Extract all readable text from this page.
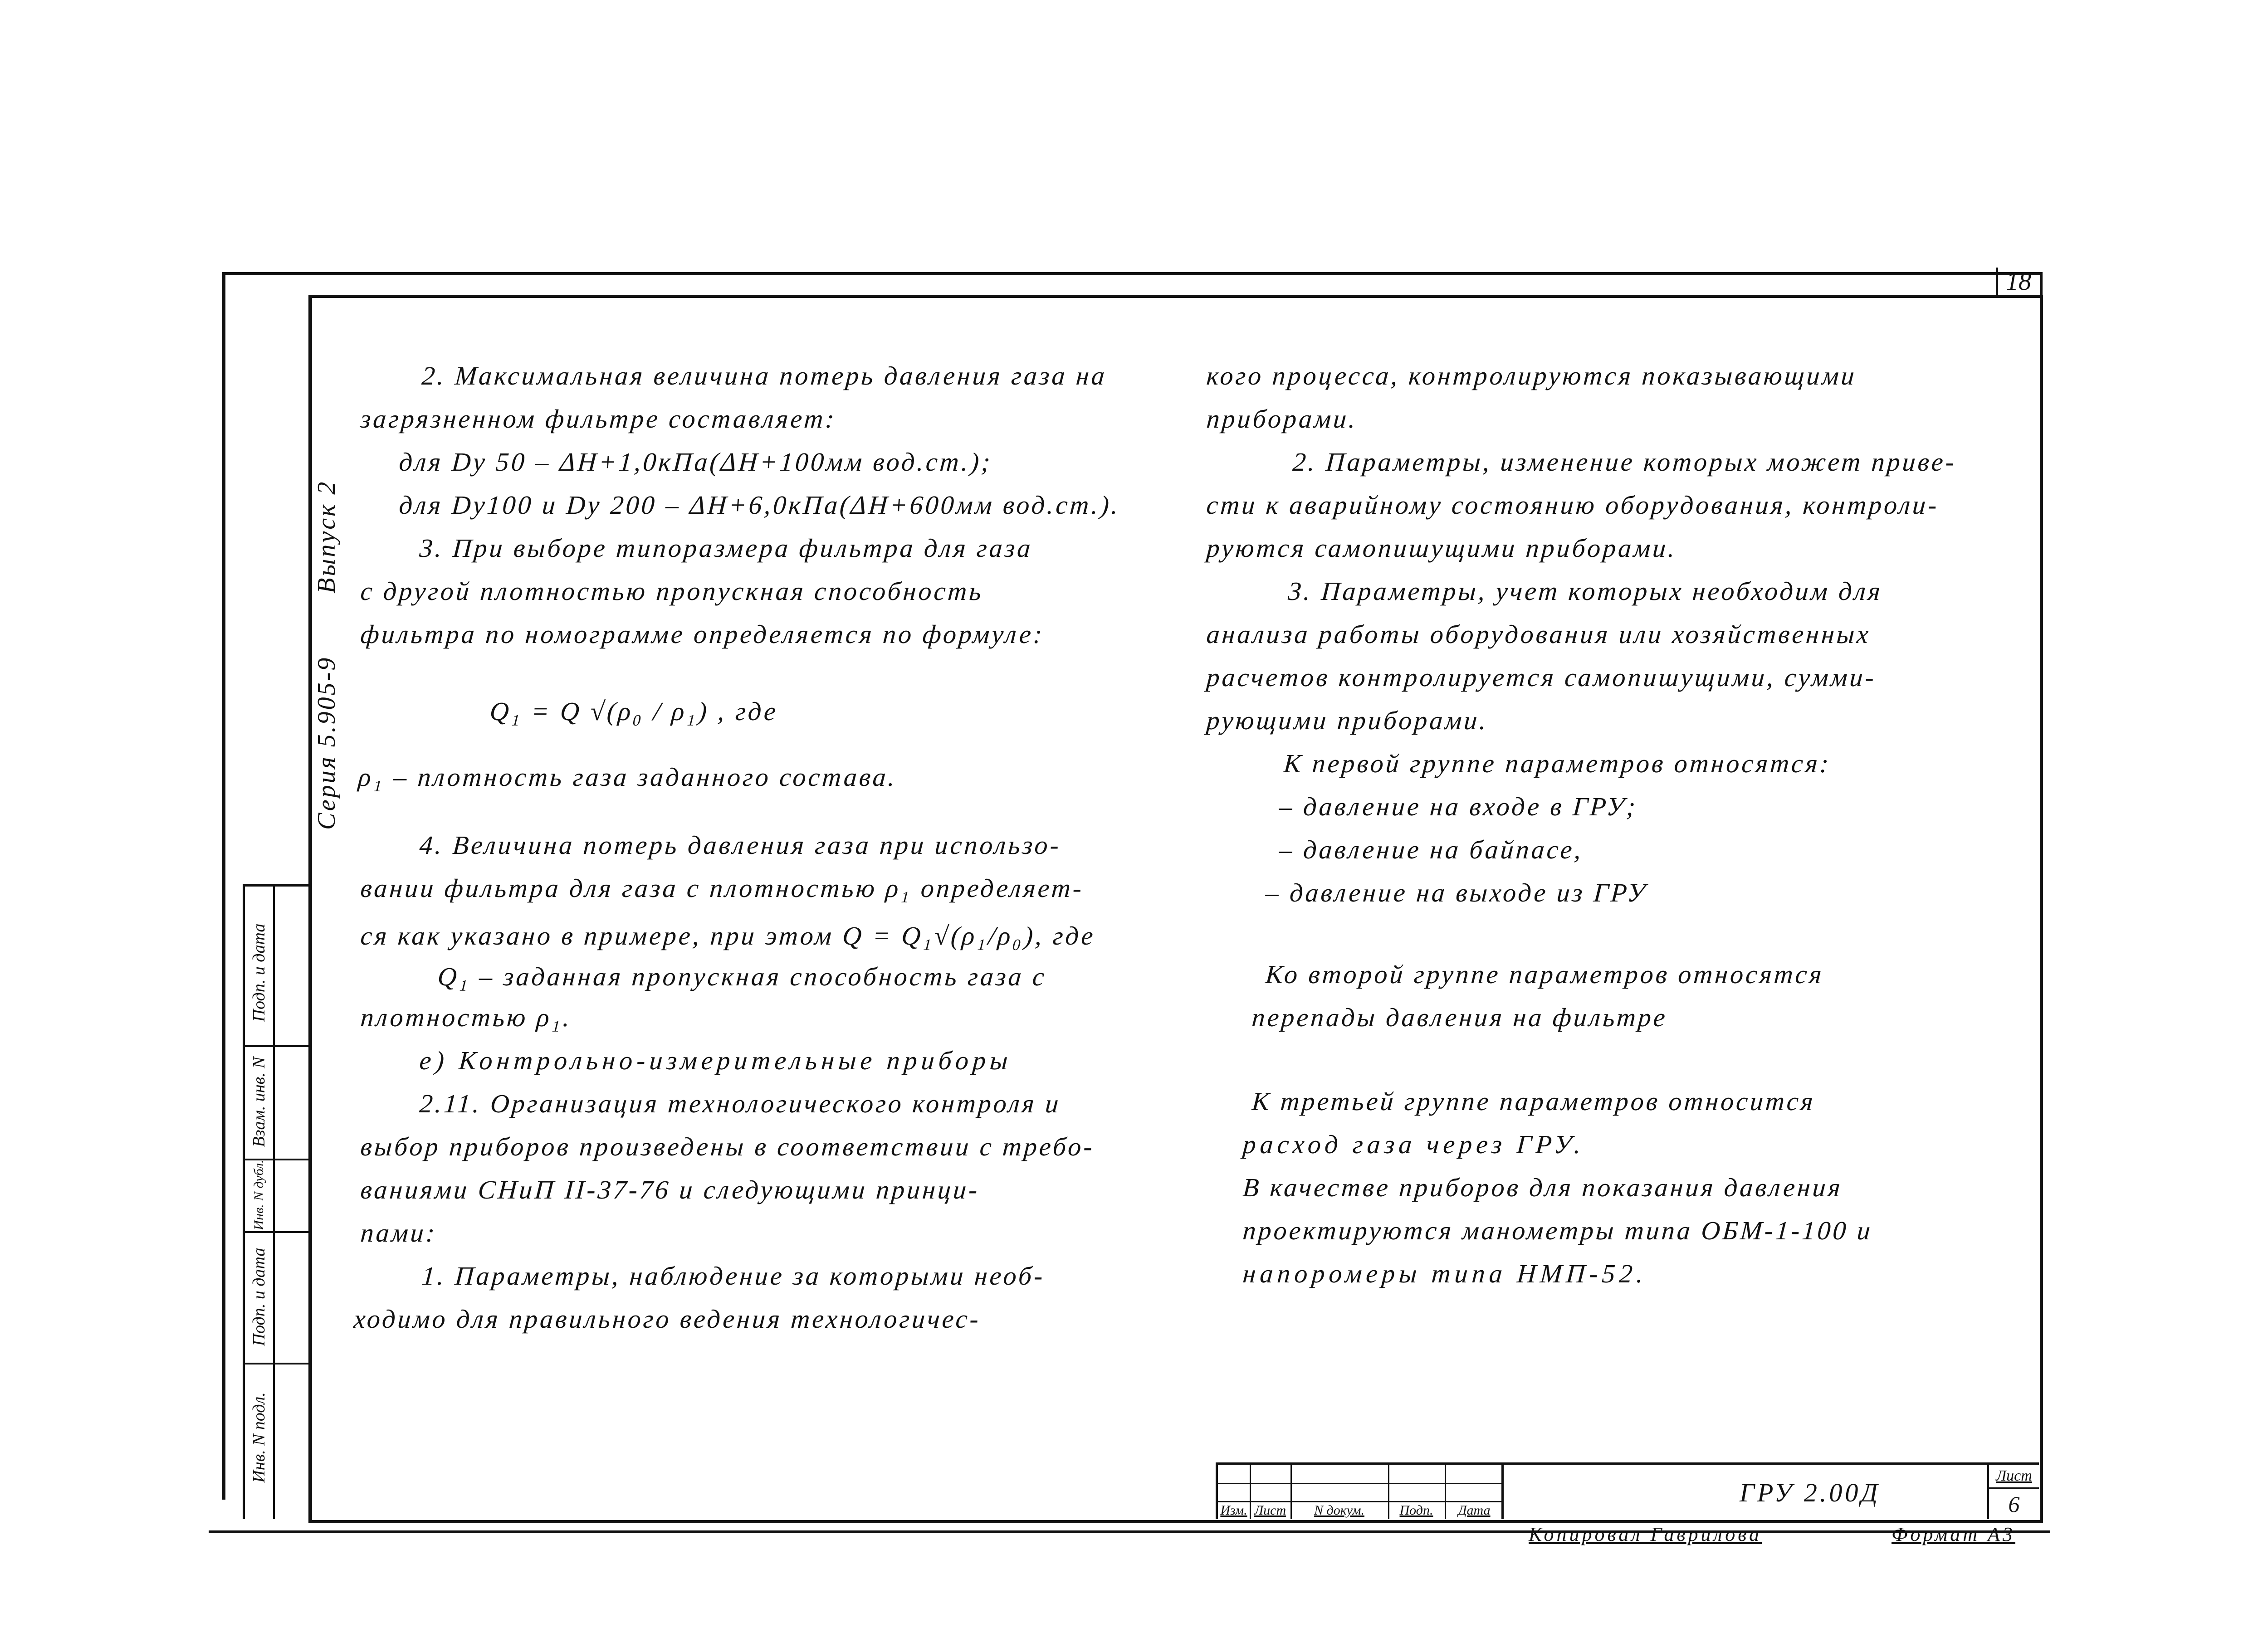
18
Серия 5.905-9 Выпуск 2
Подп. и дата
Взам. инв. N
Инв. N дубл.
Подп. и дата
Инв. N подл.
2. Максимальная величина потерь давления газа на
загрязненном фильтре составляет:
для Dу 50 – ΔH+1,0кПа(ΔH+100мм вод.ст.);
для Dу100 и Dу 200 – ΔH+6,0кПа(ΔH+600мм вод.ст.).
3. При выборе типоразмера фильтра для газа
с другой плотностью пропускная способность
фильтра по номограмме определяется по формуле:
Q₁ = Q √(ρ₀ / ρ₁) , где
ρ₁ – плотность газа заданного состава.
4. Величина потерь давления газа при использо-
вании фильтра для газа с плотностью ρ₁ определяет-
ся как указано в примере, при этом Q = Q₁√(ρ₁/ρ₀), где
Q₁ – заданная пропускная способность газа с
плотностью ρ₁.
е) Контрольно-измерительные приборы
2.11. Организация технологического контроля и
выбор приборов произведены в соответствии с требо-
ваниями СНиП II-37-76 и следующими принци-
пами:
1. Параметры, наблюдение за которыми необ-
ходимо для правильного ведения технологичес-
кого процесса, контролируются показывающими
приборами.
2. Параметры, изменение которых может приве-
сти к аварийному состоянию оборудования, контроли-
руются самопишущими приборами.
3. Параметры, учет которых необходим для
анализа работы оборудования или хозяйственных
расчетов контролируется самопишущими, сумми-
рующими приборами.
К первой группе параметров относятся:
– давление на входе в ГРУ;
– давление на байпасе,
– давление на выходе из ГРУ
Ко второй группе параметров относятся
перепады давления на фильтре
К третьей группе параметров относится
расход газа через ГРУ.
В качестве приборов для показания давления
проектируются манометры типа ОБМ-1-100 и
напоромеры типа НМП-52.
Изм. Лист	N докум.	Подп.	Дата
ГРУ 2.00Д
Лист
6
Копировал Гаврилова	Формат А3
